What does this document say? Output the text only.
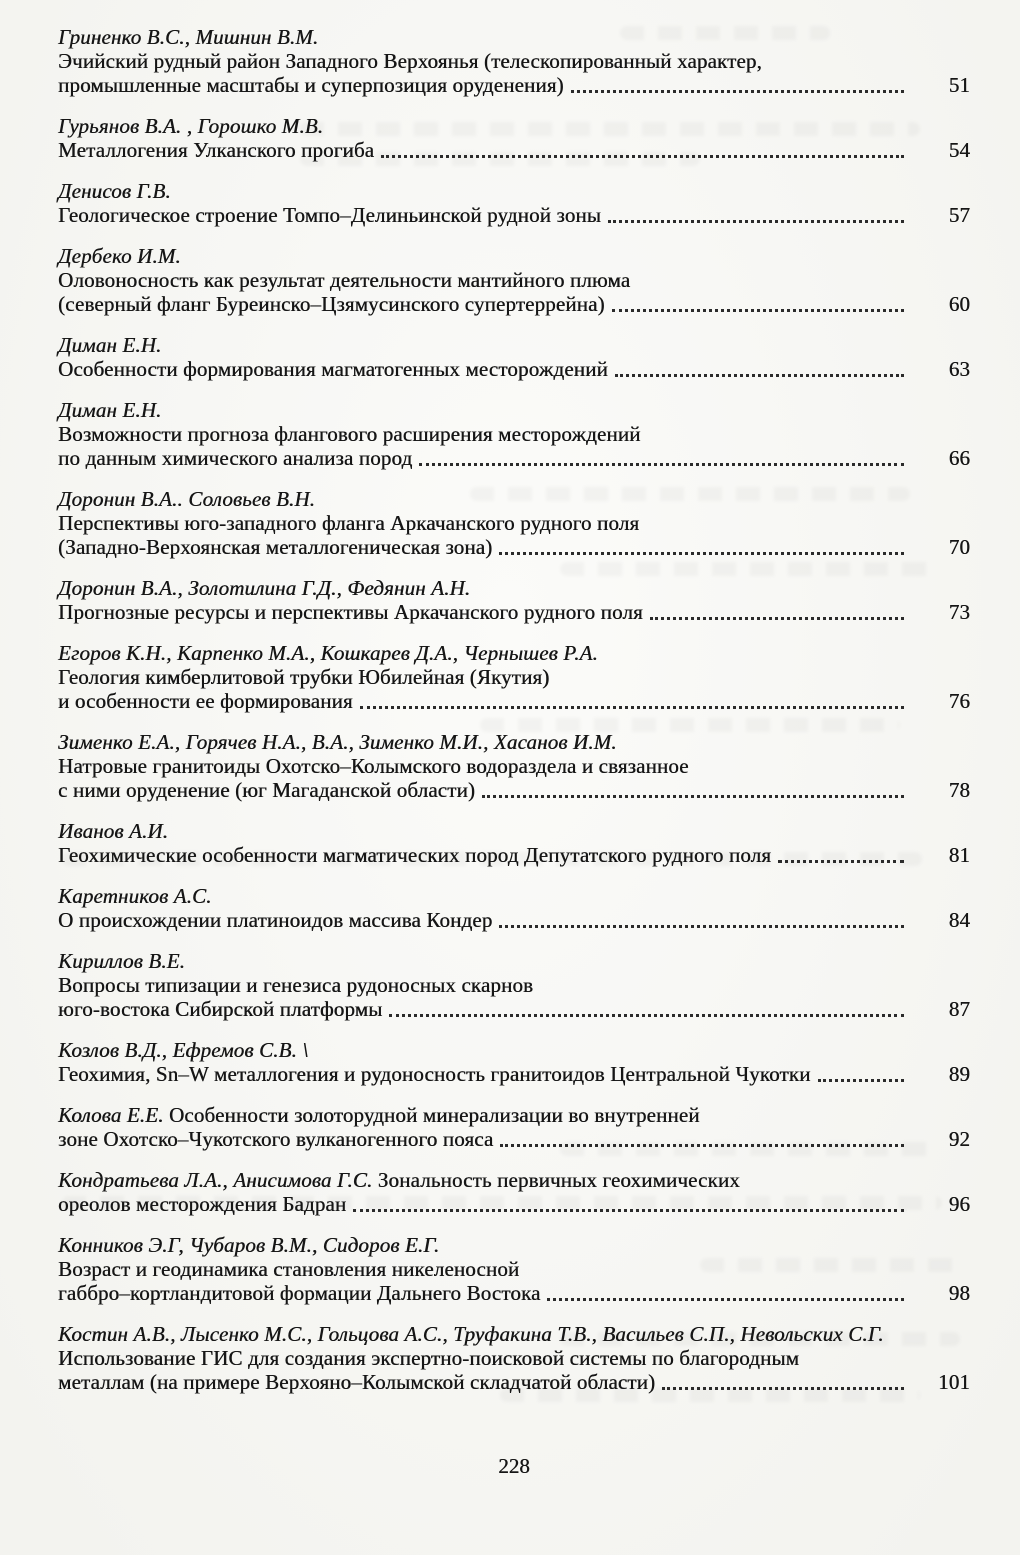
Гриненко В.С., Мишнин В.М.
Эчийский рудный район Западного Верхоянья (телескопированный характер,
промышленные масштабы и суперпозиция оруденения)	51
Гурьянов В.А. , Горошко М.В.
Металлогения Улканского прогиба	54
Денисов Г.В.
Геологическое строение Томпо–Делиньинской рудной зоны	57
Дербеко И.М.
Оловоносность как результат деятельности мантийного плюма
(северный фланг Буреинско–Цзямусинского супертеррейна)	60
Диман Е.Н.
Особенности формирования магматогенных месторождений	63
Диман Е.Н.
Возможности прогноза флангового расширения месторождений
по данным химического анализа пород	66
Доронин В.А.. Соловьев В.Н.
Перспективы юго-западного фланга Аркачанского рудного поля
(Западно-Верхоянская металлогеническая зона)	70
Доронин В.А., Золотилина Г.Д., Федянин А.Н.
Прогнозные ресурсы и перспективы Аркачанского рудного поля	73
Егоров К.Н., Карпенко М.А., Кошкарев Д.А., Чернышев Р.А.
Геология кимберлитовой трубки Юбилейная (Якутия)
и особенности ее формирования	76
Зименко Е.А., Горячев Н.А., В.А., Зименко М.И., Хасанов И.М.
Натровые гранитоиды Охотско–Колымского водораздела и связанное
с ними оруденение (юг Магаданской области)	78
Иванов А.И.
Геохимические особенности магматических пород Депутатского рудного поля	81
Каретников А.С.
О происхождении платиноидов массива Кондер	84
Кириллов В.Е.
Вопросы типизации и генезиса рудоносных скарнов
юго-востока Сибирской платформы	87
Козлов В.Д., Ефремов С.В. \
Геохимия, Sn–W металлогения и рудоносность гранитоидов Центральной Чукотки	89
Колова Е.Е. Особенности золоторудной минерализации во внутренней
зоне Охотско–Чукотского вулканогенного пояса	92
Кондратьева Л.А., Анисимова Г.С. Зональность первичных геохимических
ореолов месторождения Бадран	96
Конников Э.Г, Чубаров В.М., Сидоров Е.Г.
Возраст и геодинамика становления никеленосной
габбро–кортландитовой формации Дальнего Востока	98
Костин А.В., Лысенко М.С., Гольцова А.С., Труфакина Т.В., Васильев С.П., Невольских С.Г.
Использование ГИС для создания экспертно-поисковой системы по благородным
металлам (на примере Верхояно–Колымской складчатой области)	101
228
